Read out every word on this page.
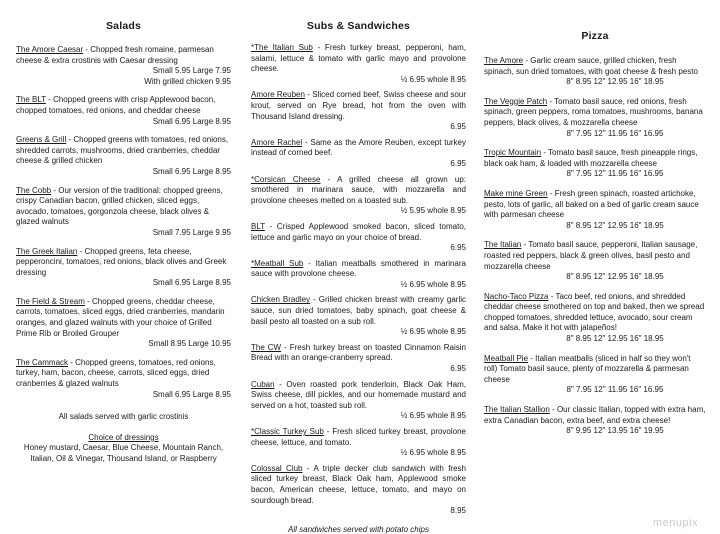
Salads
The Amore Caesar - Chopped fresh romaine, parmesan cheese & extra crostinis with Caesar dressing
Small 5.95 Large 7.95
With grilled chicken 9.95
The BLT - Chopped greens with crisp Applewood bacon, chopped tomatoes, red onions, and cheddar cheese
Small 6.95 Large 8.95
Greens & Grill - Chopped greens with tomatoes, red onions, shredded carrots, mushrooms, dried cranberries, cheddar cheese & grilled chicken
Small 6.95 Large 8.95
The Cobb - Our version of the traditional: chopped greens, crispy Canadian bacon, grilled chicken, sliced eggs, avocado, tomatoes, gorgonzola cheese, black olives & glazed walnuts
Small 7.95 Large 9.95
The Greek Italian - Chopped greens, feta cheese, pepperoncini, tomatoes, red onions, black olives and Greek dressing
Small 6.95 Large 8.95
The Field & Stream - Chopped greens, cheddar cheese, carrots, tomatoes, sliced eggs, dried cranberries, mandarin oranges, and glazed walnuts with your choice of Grilled Prime Rib or Broiled Grouper
Small 8.95 Large 10.95
The Cammack - Chopped greens, tomatoes, red onions, turkey, ham, bacon, cheese, carrots, sliced eggs, dried cranberries & glazed walnuts
Small 6.95 Large 8.95
All salads served with garlic crostinis
Choice of dressings
Honey mustard, Caesar, Blue Cheese, Mountain Ranch, Italian, Oil & Vinegar, Thousand Island, or Raspberry
Subs & Sandwiches
*The Italian Sub - Fresh turkey breast, pepperoni, ham, salami, lettuce & tomato with garlic mayo and provolone cheese.
½ 6.95 whole 8.95
Amore Reuben - Sliced corned beef, Swiss cheese and sour krout, served on Rye bread, hot from the oven with Thousand Island dressing.
6.95
Amore Rachel - Same as the Amore Reuben, except turkey instead of corned beef.
6.95
*Corsican Cheese - A grilled cheese all grown up: smothered in marinara sauce, with mozzarella and provolone cheeses melted on a toasted sub.
½ 5.95 whole 8.95
BLT - Crisped Applewood smoked bacon, sliced tomato, lettuce and garlic mayo on your choice of bread.
6.95
*Meatball Sub - Italian meatballs smothered in marinara sauce with provolone cheese.
½ 6.95 whole 8.95
Chicken Bradley - Grilled chicken breast with creamy garlic sauce, sun dried tomatoes, baby spinach, goat cheese & basil pesto all toasted on a sub roll.
½ 6.95 whole 8.95
The CW - Fresh turkey breast on toasted Cinnamon Raisin Bread with an orange-cranberry spread.
6.95
Cuban - Oven roasted pork tenderloin, Black Oak Ham, Swiss cheese, dill pickles, and our homemade mustard and served on a hot, toasted sub roll.
½ 6.95 whole 8.95
*Classic Turkey Sub - Fresh sliced turkey breast, provolone cheese, lettuce, and tomato.
½ 6.95 whole 8.95
Colossal Club - A triple decker club sandwich with fresh sliced turkey breast, Black Oak ham, Applewood smoke bacon, American cheese, lettuce, tomato, and mayo on sourdough bread.
8.95
All sandwiches served with potato chips
Pizza
The Amore - Garlic cream sauce, grilled chicken, fresh spinach, sun dried tomatoes, with goat cheese & fresh pesto
8" 8.95 12" 12.95 16" 18.95
The Veggie Patch - Tomato basil sauce, red onions, fresh spinach, green peppers, roma tomatoes, mushrooms, banana peppers, black olives, & mozzarella cheese
8" 7.95 12" 11.95 16" 16.95
Tropic Mountain - Tomato basil sauce, fresh pineapple rings, black oak ham, & loaded with mozzarella cheese
8" 7.95 12" 11.95 16" 16.95
Make mine Green - Fresh green spinach, roasted artichoke, pesto, lots of garlic, all baked on a bed of garlic cream sauce with parmesan cheese
8" 8.95 12" 12.95 16" 18.95
The Italian - Tomato basil sauce, pepperoni, Italian sausage, roasted red peppers, black & green olives, basil pesto and mozzarella cheese
8" 8.95 12" 12.95 16" 18.95
Nacho-Taco Pizza - Taco beef, red onions, and shredded cheddar cheese smothered on top and baked, then we spread chopped tomatoes, shredded lettuce, avocado, sour cream and salsa. Make it hot with jalapeños!
8" 8.95 12" 12.95 16" 18.95
Meatball Pie - Italian meatballs (sliced in half so they won't roll) Tomato basil sauce, plenty of mozzarella & parmesan cheese
8" 7.95 12" 11.95 16" 16.95
The Italian Stallion - Our classic Italian, topped with extra ham, extra Canadian bacon, extra beef, and extra cheese!
8" 9.95 12" 13.95 16" 19.95
menupix
